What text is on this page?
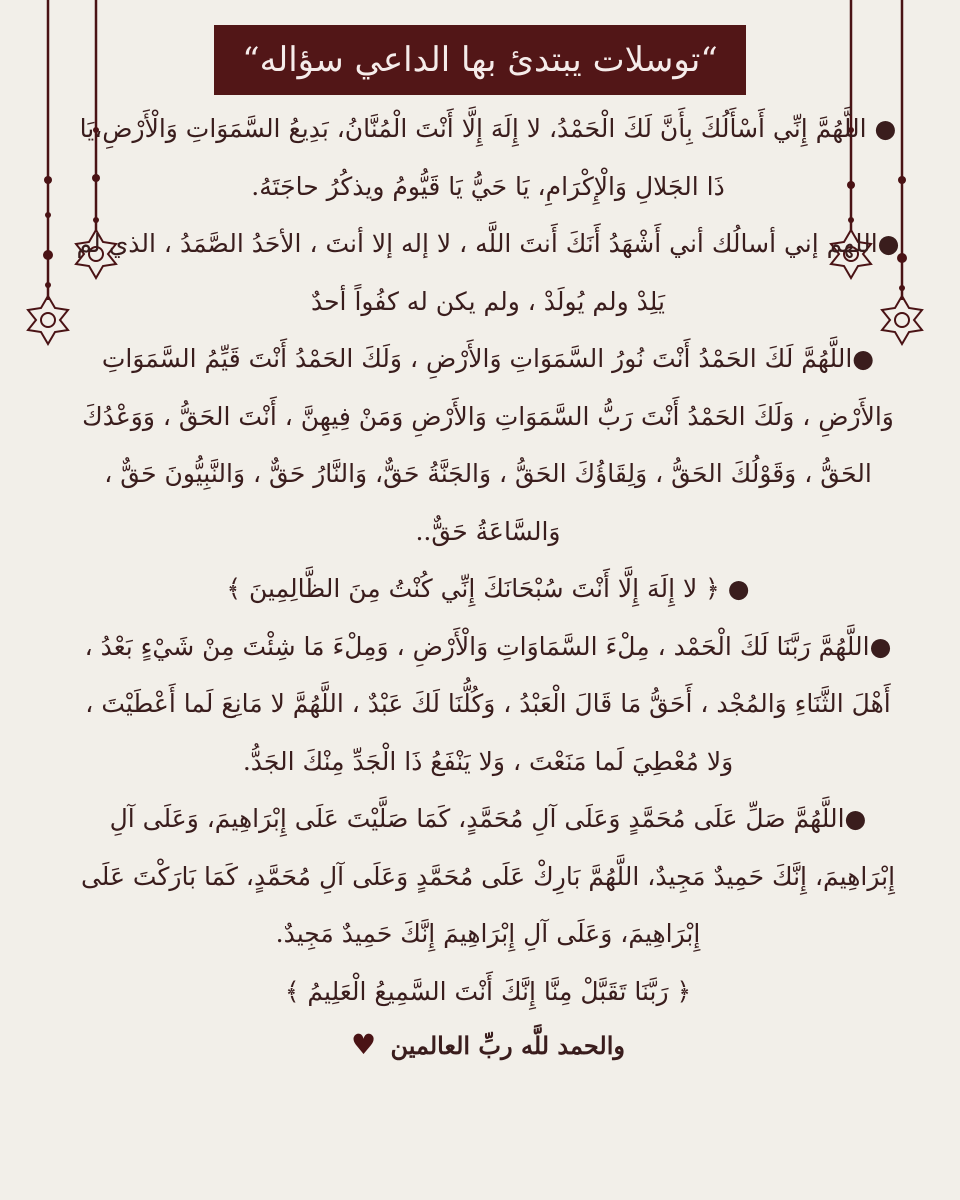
“توسلات يبتدئ بها الداعي سؤاله“

● اللَّهُمَّ إِنِّي أَسْأَلُكَ بِأَنَّ لَكَ الْحَمْدُ، لا إِلَهَ إِلَّا أَنْتَ الْمُنَّانُ، بَدِيعُ السَّمَوَاتِ وَالْأَرْضِ،يَا ذَا الجَلالِ وَالْإِكْرَامِ، يَا حَيُّ يَا قَيُّومُ ويذكُرُ حاجَتَهُ.

●اللهم إني أسالُك أني أَشْهَدُ أَنَكَ أَنتَ اللَّه ، لا إله إلا أنتَ ، الأحَدُ الصَّمَدُ ، الذي لم يَلِدْ ولم يُولَدْ ، ولم يكن له كفُواً أحدٌ

●اللَّهُمَّ لَكَ الحَمْدُ أَنْتَ نُورُ السَّمَوَاتِ وَالأَرْضِ ، وَلَكَ الحَمْدُ أَنْتَ قَيِّمُ السَّمَوَاتِ وَالأَرْضِ ، وَلَكَ الحَمْدُ أَنْتَ رَبُّ السَّمَوَاتِ وَالأَرْضِ وَمَنْ فِيهِنَّ ، أَنْتَ الحَقُّ ، وَوَعْدُكَ الحَقُّ ، وَقَوْلُكَ الحَقُّ ، وَلِقَاؤُكَ الحَقُّ ، وَالجَنَّةُ حَقٌّ، وَالنَّارُ حَقٌّ ، وَالنَّبِيُّونَ حَقٌّ ، وَالسَّاعَةُ حَقٌّ..

● ﴿ لا إِلَهَ إِلَّا أَنْتَ سُبْحَانَكَ إِنِّي كُنْتُ مِنَ الظَّالِمِينَ ﴾

●اللَّهُمَّ رَبَّنَا لَكَ الْحَمْد ، مِلْءَ السَّمَاوَاتِ وَالْأَرْضِ ، وَمِلْءَ مَا شِئْتَ مِنْ شَيْءٍ بَعْدُ ، أَهْلَ الثَّنَاءِ وَالمُجْد ، أَحَقُّ مَا قَالَ الْعَبْدُ ، وَكُلُّنَا لَكَ عَبْدٌ ، اللَّهُمَّ لا مَانِعَ لَما أَعْطَيْتَ ، وَلا مُعْطِيَ لَما مَنَعْتَ ، وَلا يَنْفَعُ ذَا الْجَدِّ مِنْكَ الجَدُّ.

●اللَّهُمَّ صَلِّ عَلَى مُحَمَّدٍ وَعَلَى آلِ مُحَمَّدٍ، كَمَا صَلَّيْتَ عَلَى إِبْرَاهِيمَ، وَعَلَى آلِ إِبْرَاهِيمَ، إِنَّكَ حَمِيدٌ مَجِيدٌ، اللَّهُمَّ بَارِكْ عَلَى مُحَمَّدٍ وَعَلَى آلِ مُحَمَّدٍ، كَمَا بَارَكْتَ عَلَى إِبْرَاهِيمَ، وَعَلَى آلِ إِبْرَاهِيمَ إِنَّكَ حَمِيدٌ مَجِيدٌ.

﴿ رَبَّنَا تَقَبَّلْ مِنَّا إِنَّكَ أَنْتَ السَّمِيعُ الْعَلِيمُ ﴾

والحمد للَّه ربِّ العالمين ♥
